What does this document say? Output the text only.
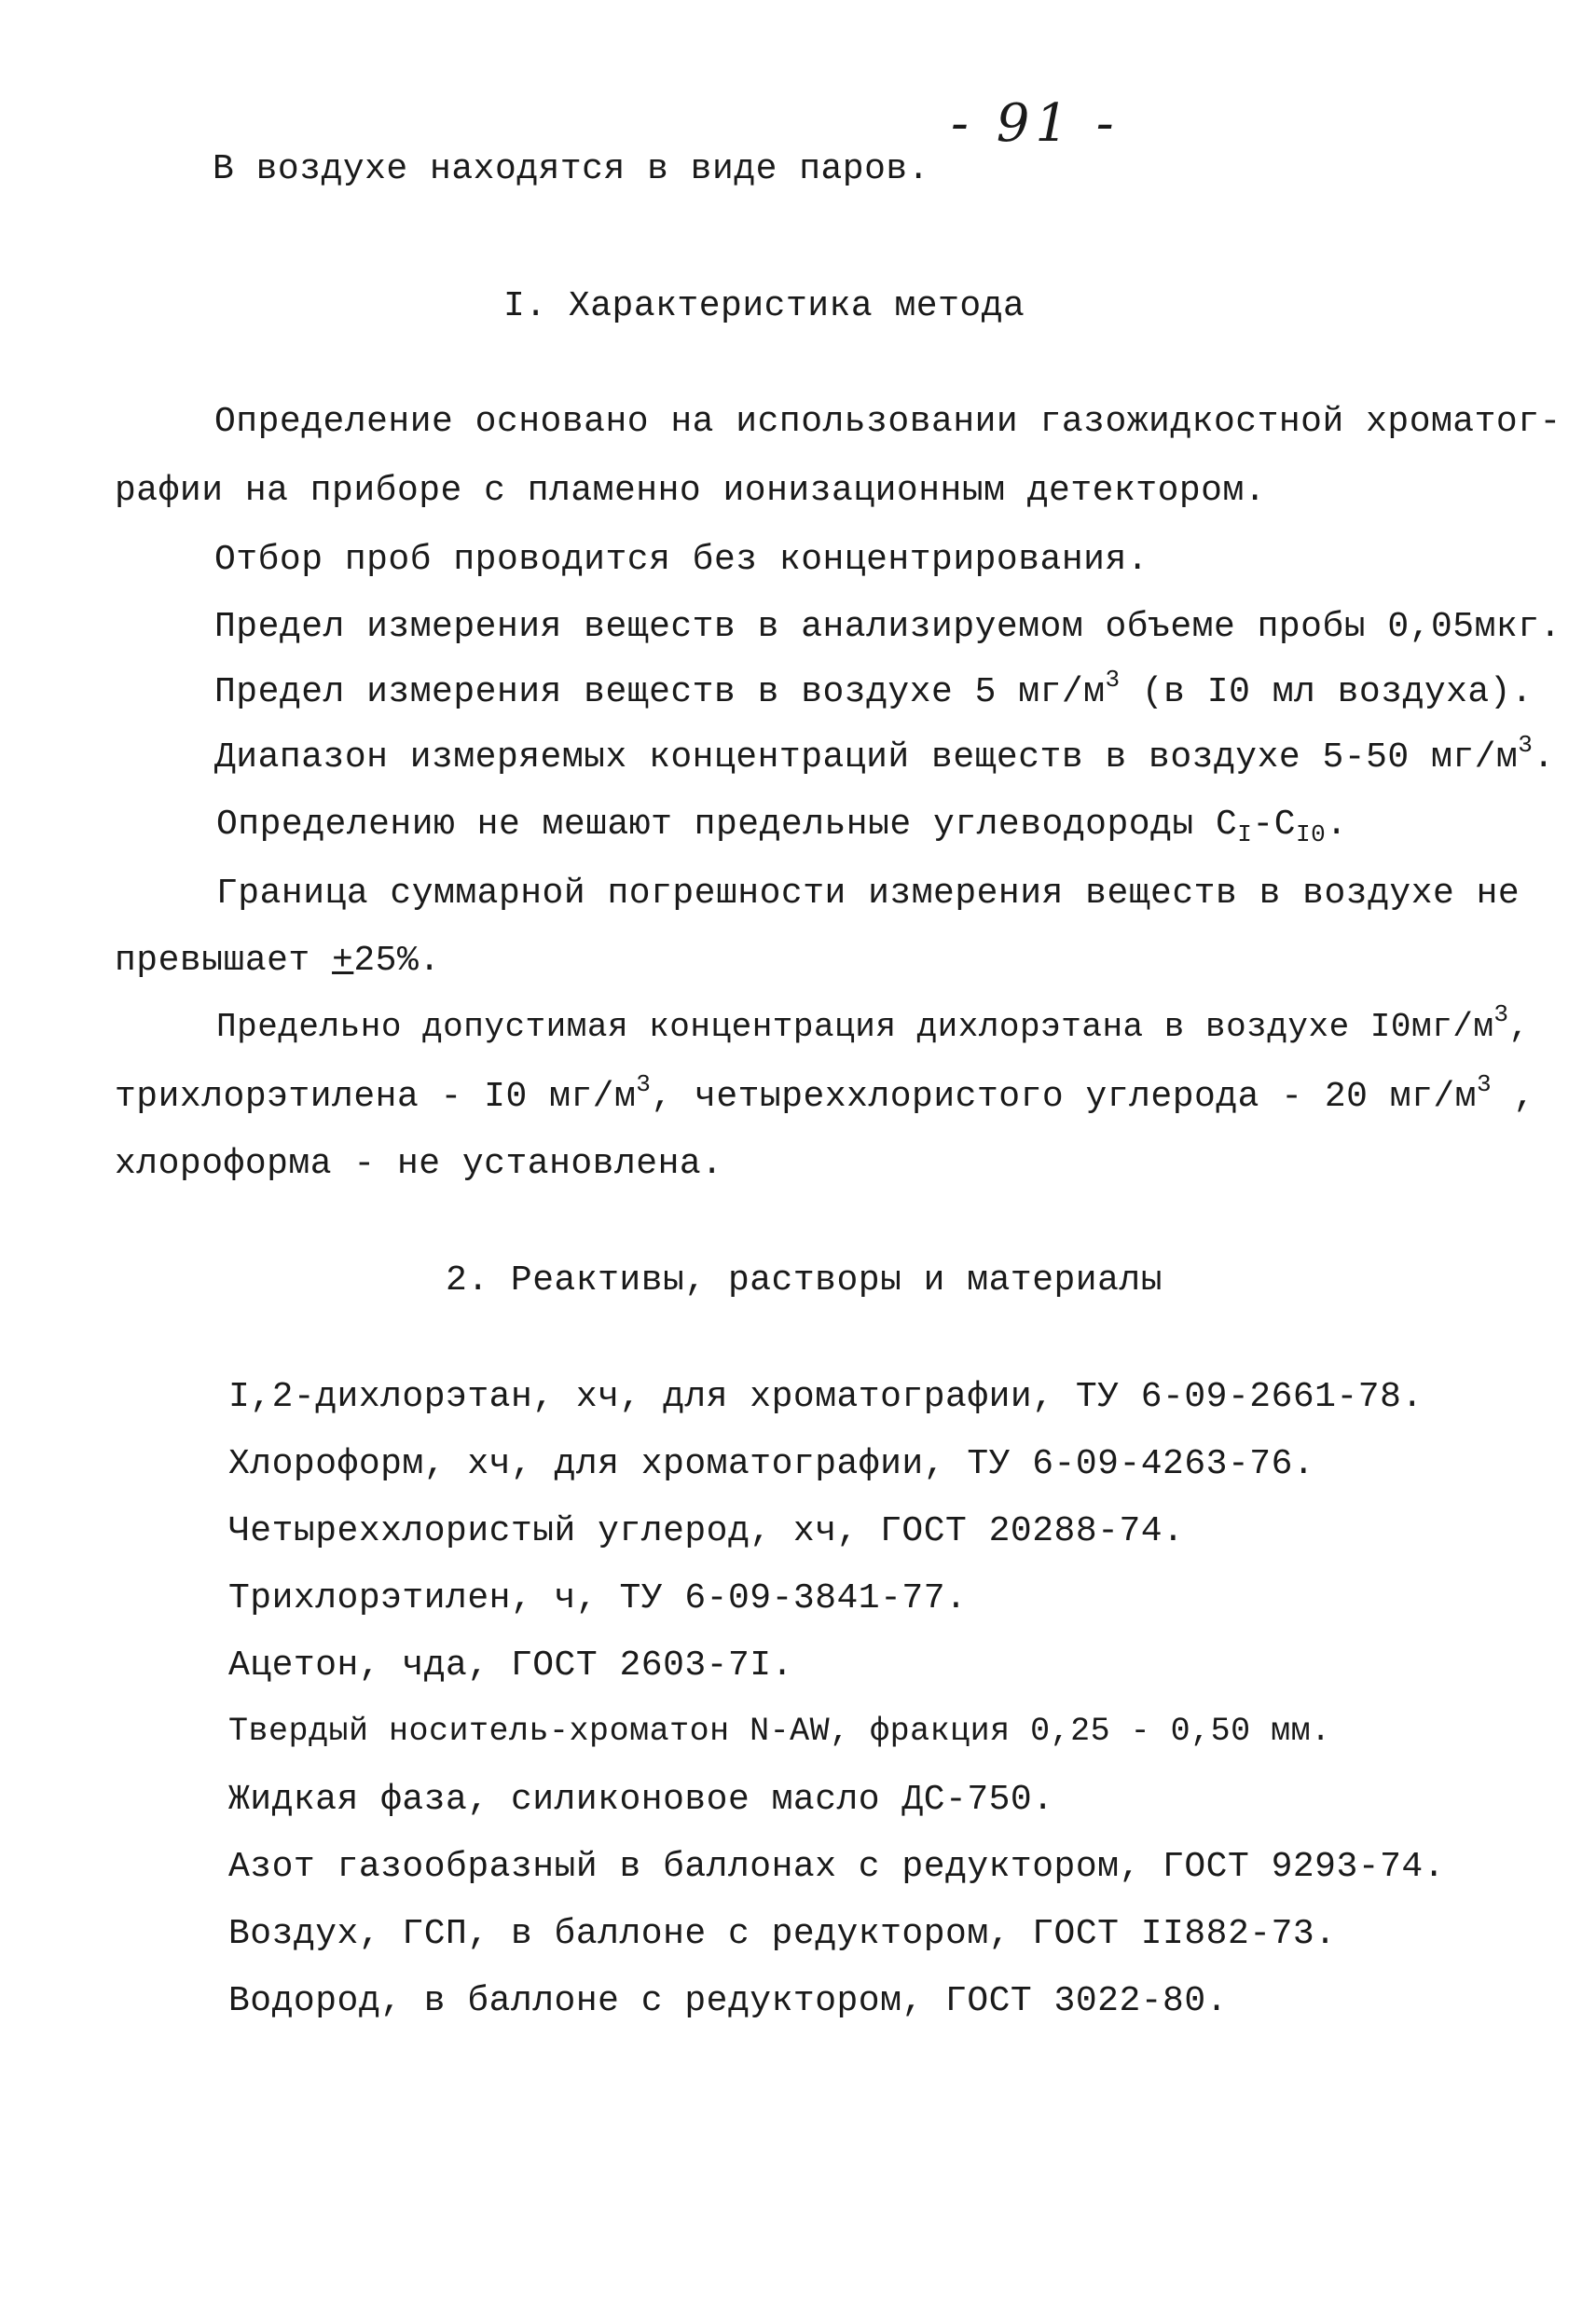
- 91 -
В воздухе находятся в виде паров.
I. Характеристика метода
Определение основано на использовании газожидкостной хроматог-
рафии на приборе с пламенно ионизационным детектором.
Отбор проб проводится без концентрирования.
Предел измерения веществ в анализируемом объеме пробы 0,05мкг.
Предел измерения веществ в воздухе 5 $мг/м^3$ (в I0 мл воздуха).
Диапазон измеряемых концентраций веществ в воздухе 5-50 $мг/м^3$.
Определению не мешают предельные углеводороды $С_I-С_{I0}$.
Граница суммарной погрешности измерения веществ в воздухе не
превышает +25%.
Предельно допустимая концентрация дихлорэтана в воздухе $I0мг/м^3$,
трихлорэтилена - I0 $мг/м^3$, четыреххлористого углерода - 20 $мг/м^3$ ,
хлороформа - не установлена.
2. Реактивы, растворы и материалы
I,2-дихлорэтан, хч, для хроматографии, ТУ 6-09-2661-78.
Хлороформ, хч, для хроматографии, ТУ 6-09-4263-76.
Четыреххлористый углерод, хч, ГОСТ 20288-74.
Трихлорэтилен, ч, ТУ 6-09-3841-77.
Ацетон, чда, ГОСТ 2603-7I.
Твердый носитель-хроматон N-AW, фракция 0,25 - 0,50 мм.
Жидкая фаза, силиконовое масло ДС-750.
Азот газообразный в баллонах с редуктором, ГОСТ 9293-74.
Воздух, ГСП, в баллоне с редуктором, ГОСТ II882-73.
Водород, в баллоне с редуктором, ГОСТ 3022-80.
